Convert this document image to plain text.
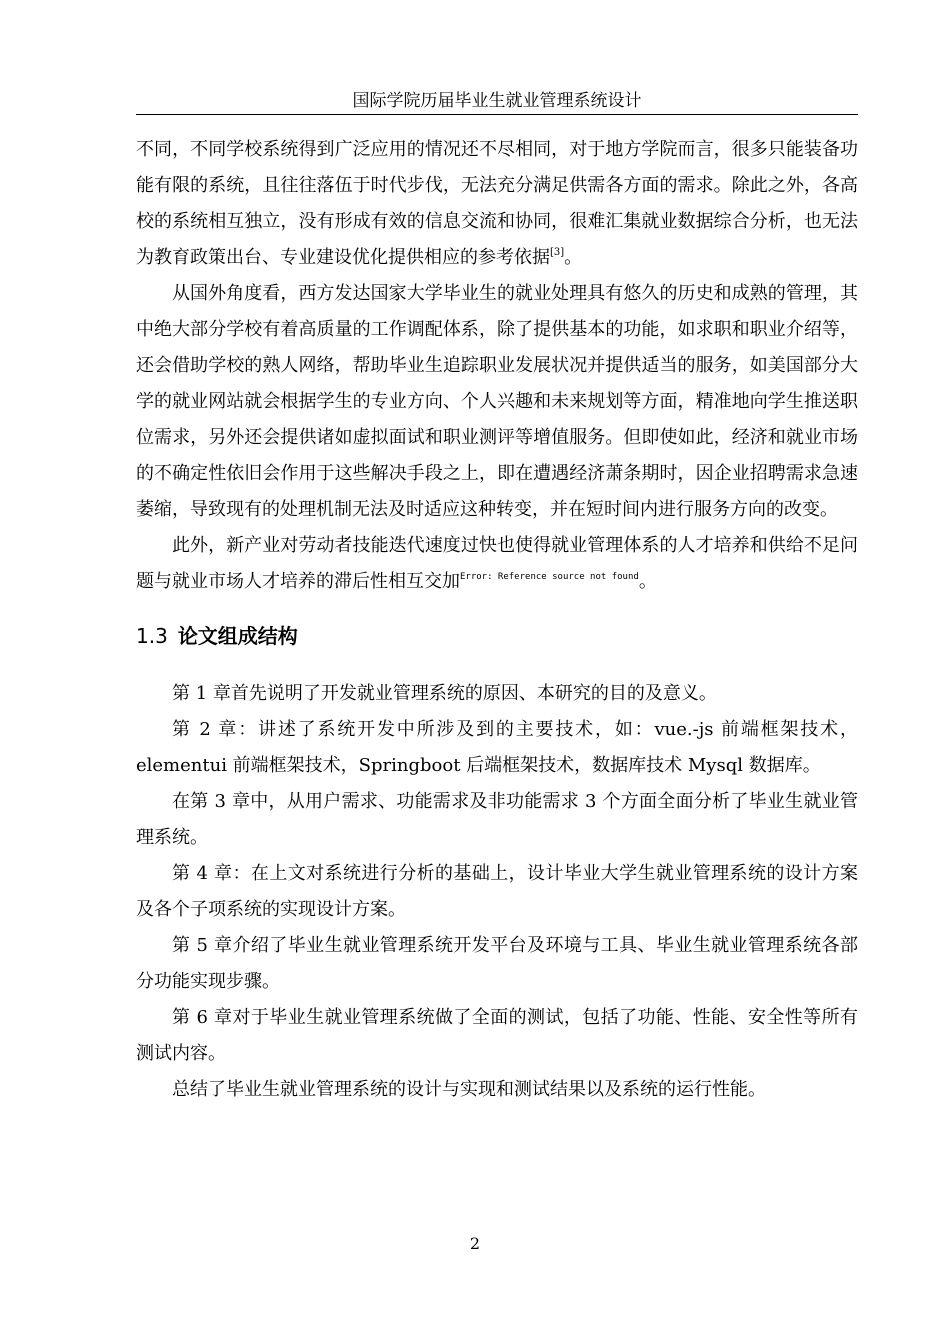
国际学院历届毕业生就业管理系统设计

不同，不同学校系统得到广泛应用的情况还不尽相同，对于地方学院而言，很多只能装备功能有限的系统，且往往落伍于时代步伐，无法充分满足供需各方面的需求。除此之外，各高校的系统相互独立，没有形成有效的信息交流和协同，很难汇集就业数据综合分析，也无法为教育政策出台、专业建设优化提供相应的参考依据[3]。

从国外角度看，西方发达国家大学毕业生的就业处理具有悠久的历史和成熟的管理，其中绝大部分学校有着高质量的工作调配体系，除了提供基本的功能，如求职和职业介绍等，还会借助学校的熟人网络，帮助毕业生追踪职业发展状况并提供适当的服务，如美国部分大学的就业网站就会根据学生的专业方向、个人兴趣和未来规划等方面，精准地向学生推送职位需求，另外还会提供诸如虚拟面试和职业测评等增值服务。但即使如此，经济和就业市场的不确定性依旧会作用于这些解决手段之上，即在遭遇经济萧条期时，因企业招聘需求急速萎缩，导致现有的处理机制无法及时适应这种转变，并在短时间内进行服务方向的改变。

此外，新产业对劳动者技能迭代速度过快也使得就业管理体系的人才培养和供给不足问题与就业市场人才培养的滞后性相互交加$^{Error: Reference source not found}$。

1.3 论文组成结构

第 1 章首先说明了开发就业管理系统的原因、本研究的目的及意义。

第 2 章：讲述了系统开发中所涉及到的主要技术，如：vue.-js 前端框架技术，elementui 前端框架技术，Springboot 后端框架技术，数据库技术 Mysql 数据库。

在第 3 章中，从用户需求、功能需求及非功能需求 3 个方面全面分析了毕业生就业管理系统。

第 4 章：在上文对系统进行分析的基础上，设计毕业大学生就业管理系统的设计方案及各个子项系统的实现设计方案。

第 5 章介绍了毕业生就业管理系统开发平台及环境与工具、毕业生就业管理系统各部分功能实现步骤。

第 6 章对于毕业生就业管理系统做了全面的测试，包括了功能、性能、安全性等所有测试内容。

总结了毕业生就业管理系统的设计与实现和测试结果以及系统的运行性能。

2
